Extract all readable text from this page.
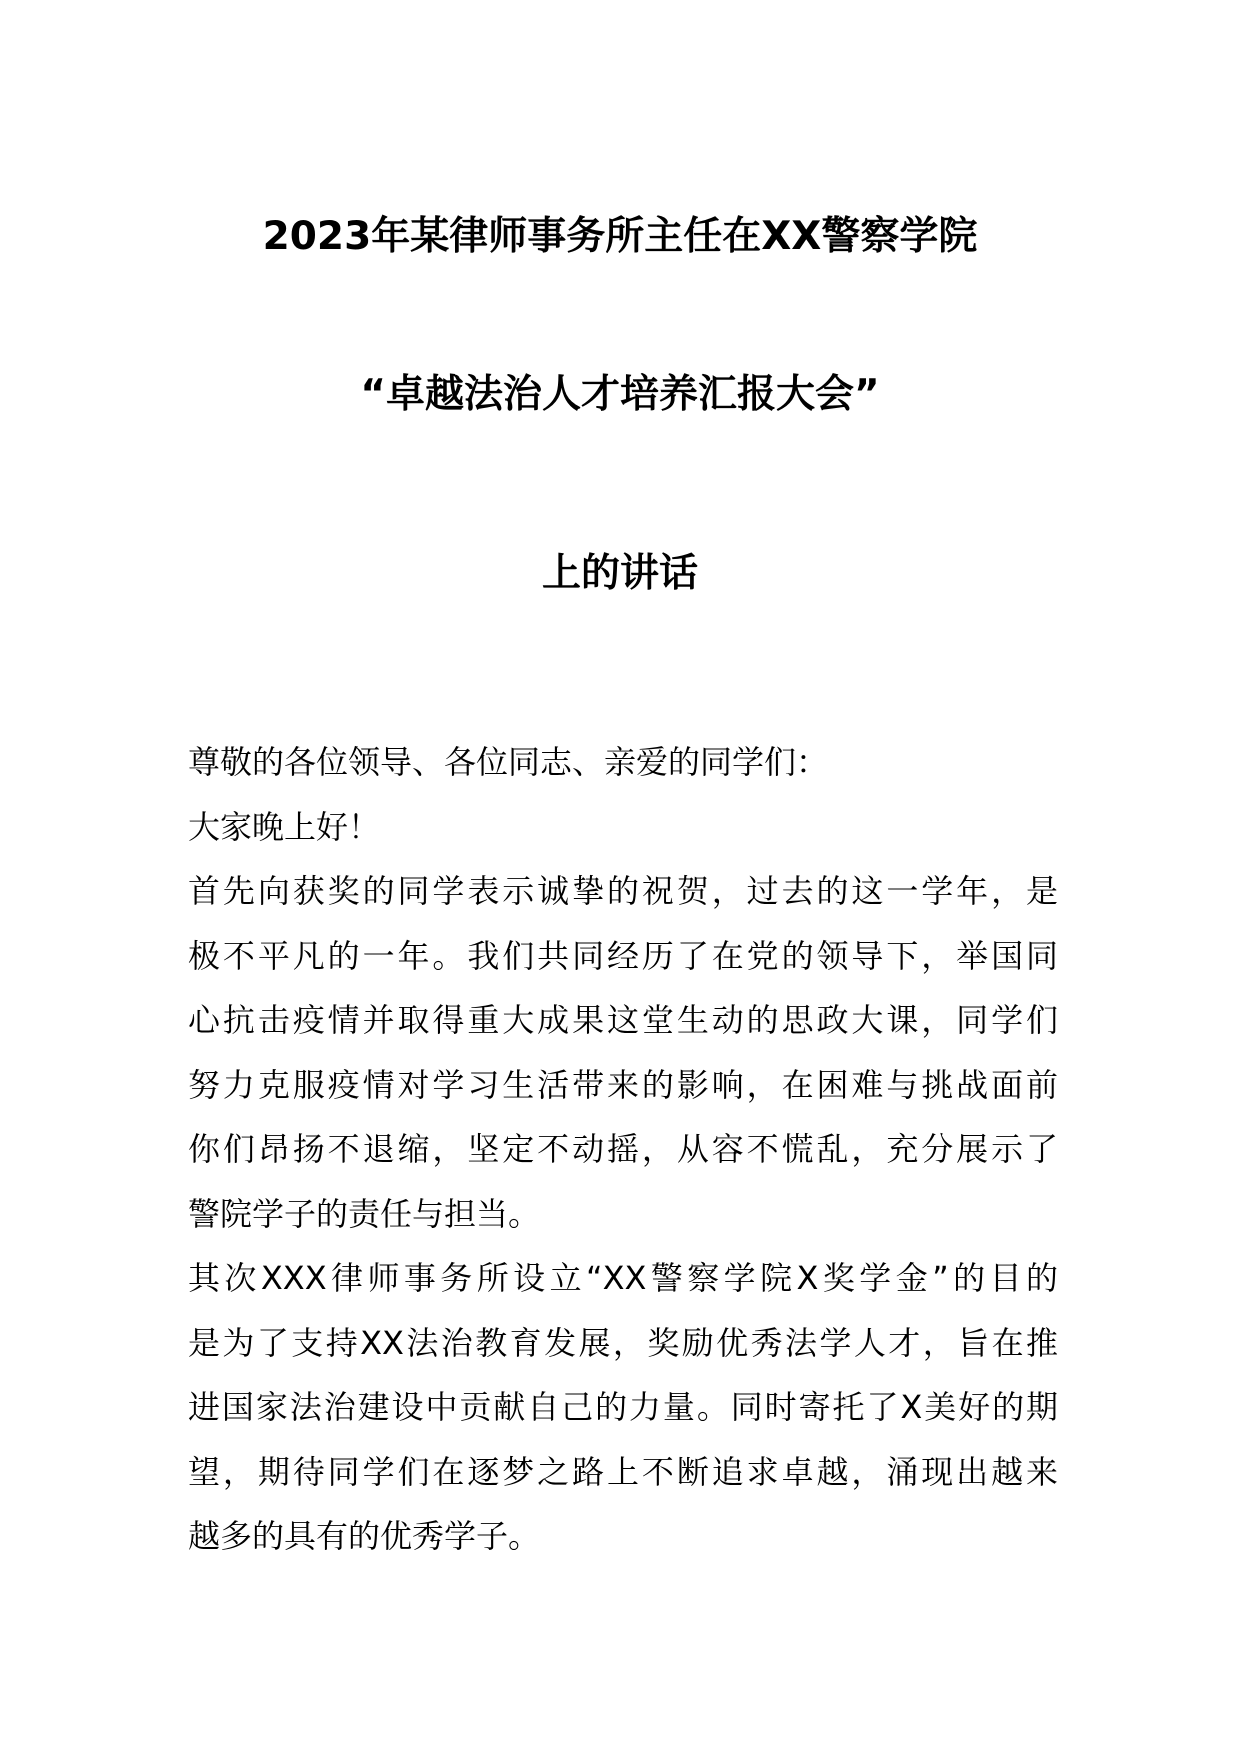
2023年某律师事务所主任在XX警察学院
“卓越法治人才培养汇报大会”
上的讲话
尊敬的各位领导、各位同志、亲爱的同学们：
大家晚上好！
首先向获奖的同学表示诚挚的祝贺，过去的这一学年，是
极不平凡的一年。我们共同经历了在党的领导下，举国同
心抗击疫情并取得重大成果这堂生动的思政大课，同学们
努力克服疫情对学习生活带来的影响，在困难与挑战面前
你们昂扬不退缩，坚定不动摇，从容不慌乱，充分展示了
警院学子的责任与担当。
其次XXX律师事务所设立“XX警察学院X奖学金”的目的
是为了支持XX法治教育发展，奖励优秀法学人才，旨在推
进国家法治建设中贡献自己的力量。同时寄托了X美好的期
望，期待同学们在逐梦之路上不断追求卓越，涌现出越来
越多的具有的优秀学子。
